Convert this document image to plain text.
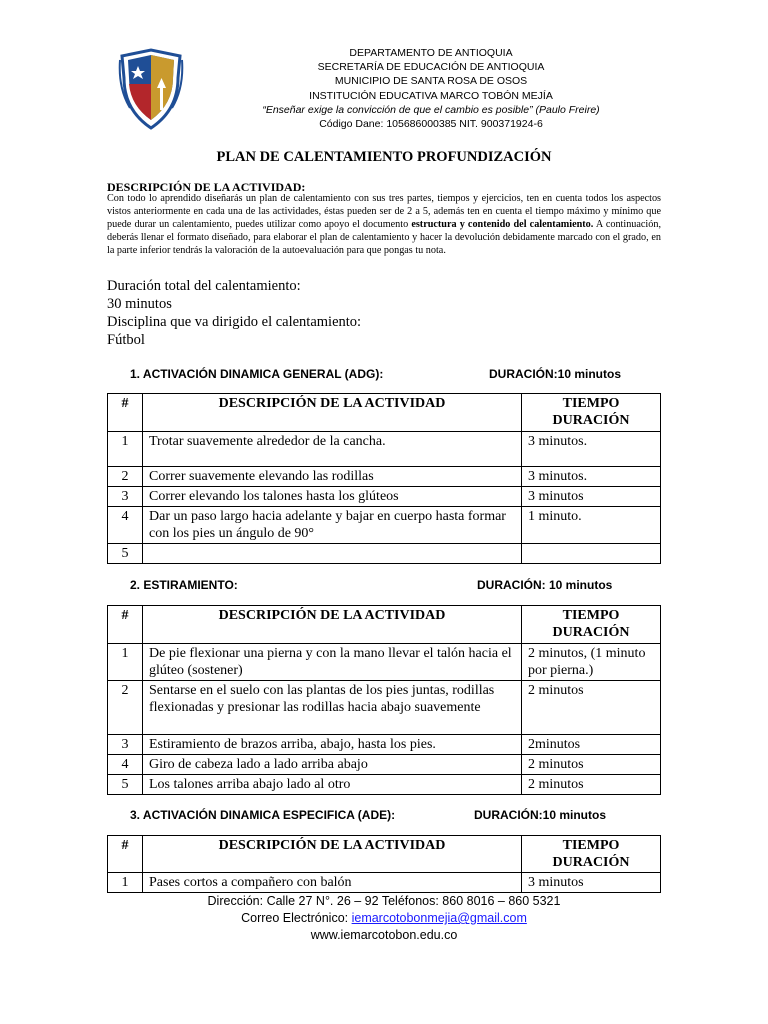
DEPARTAMENTO DE ANTIOQUIA
SECRETARÍA DE EDUCACIÓN DE ANTIOQUIA
MUNICIPIO DE SANTA ROSA DE OSOS
INSTITUCIÓN EDUCATIVA MARCO TOBÓN MEJÍA
“Enseñar exige la convicción de que el cambio es posible” (Paulo Freire)
Código Dane: 105686000385 NIT. 900371924-6
PLAN DE CALENTAMIENTO PROFUNDIZACIÓN
DESCRIPCIÓN DE LA ACTIVIDAD:
Con todo lo aprendido diseñarás un plan de calentamiento con sus tres partes, tiempos y ejercicios, ten en cuenta todos los aspectos vistos anteriormente en cada una de las actividades, éstas pueden ser de 2 a 5, además ten en cuenta el tiempo máximo y mínimo que puede durar un calentamiento, puedes utilizar como apoyo el documento estructura y contenido del calentamiento. A continuación, deberás llenar el formato diseñado, para elaborar el plan de calentamiento y hacer la devolución debidamente marcado con el grado, en la parte inferior tendrás la valoración de la autoevaluación para que pongas tu nota.
Duración total del calentamiento:
30 minutos
Disciplina que va dirigido el calentamiento:
Fútbol
1. ACTIVACIÓN DINAMICA GENERAL (ADG):	DURACIÓN:10 minutos
#	DESCRIPCIÓN DE LA ACTIVIDAD	TIEMPO
DURACIÓN

1	Trotar suavemente alrededor de la cancha.	3 minutos.
2	Correr suavemente elevando las rodillas	3 minutos.
3	Correr elevando los talones hasta los glúteos	3 minutos
4	Dar un paso largo hacia adelante y bajar en cuerpo hasta formar con los pies un ángulo de 90°	1 minuto.
5		
2. ESTIRAMIENTO:	DURACIÓN: 10 minutos
#	DESCRIPCIÓN DE LA ACTIVIDAD	TIEMPO
DURACIÓN

1	De pie flexionar una pierna y con la mano llevar el talón hacia el glúteo (sostener)	2 minutos, (1 minuto por pierna.)
2	Sentarse en el suelo con las plantas de los pies juntas, rodillas flexionadas y presionar las rodillas hacia abajo suavemente	2 minutos
3	Estiramiento de brazos arriba, abajo, hasta los pies.	2minutos
4	Giro de cabeza lado a lado arriba abajo	2 minutos
5	Los talones arriba abajo lado al otro	2 minutos
3. ACTIVACIÓN DINAMICA ESPECIFICA (ADE):	DURACIÓN:10 minutos
#	DESCRIPCIÓN DE LA ACTIVIDAD	TIEMPO
DURACIÓN

1	Pases cortos a compañero con balón	3 minutos
Dirección: Calle 27 N°. 26 – 92 Teléfonos: 860 8016 – 860 5321
Correo Electrónico: iemarcotobonmejia@gmail.com
www.iemarcotobon.edu.co
